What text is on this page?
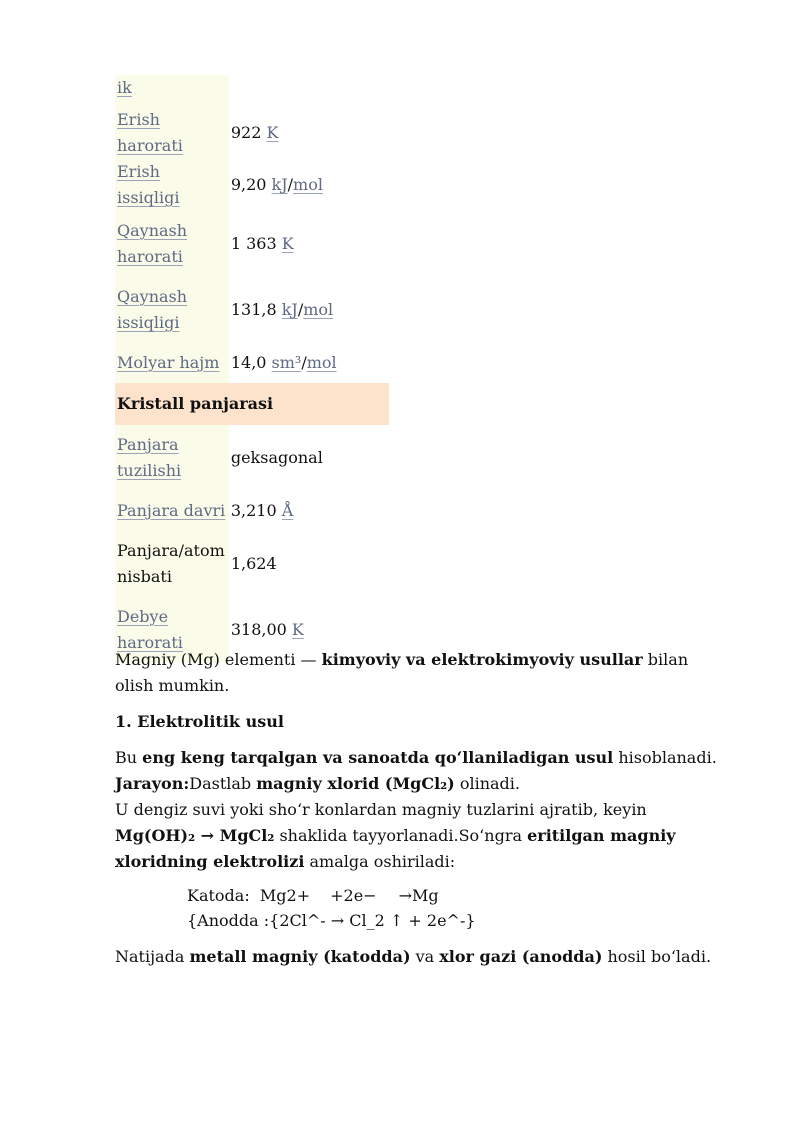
ik	
Erish harorati	922 K
Erish issiqligi	9,20 kJ/mol
Qaynash harorati	1 363 K
Qaynash issiqligi	131,8 kJ/mol
Molyar hajm	14,0 sm³/mol
Kristall panjarasi	
Panjara tuzilishi	geksagonal
Panjara davri	3,210 Å
Panjara/atom nisbati	1,624
Debye harorati	318,00 K

Magniy (Mg) elementi — kimyoviy va elektrokimyoviy usullar bilan olish mumkin.

1. Elektrolitik usul

Bu eng keng tarqalgan va sanoatda qo‘llaniladigan usul hisoblanadi.
Jarayon:Dastlab magniy xlorid (MgCl₂) olinadi.
U dengiz suvi yoki sho‘r konlardan magniy tuzlarini ajratib, keyin Mg(OH)₂ → MgCl₂ shaklida tayyorlanadi.So‘ngra eritilgan magniy xloridning elektrolizi amalga oshiriladi:
Katoda: Mg2+ +2e− →Mg
{Anodda :{2Cl^- → Cl_2 ↑ + 2e^-}

Natijada metall magniy (katodda) va xlor gazi (anodda) hosil bo‘ladi.
